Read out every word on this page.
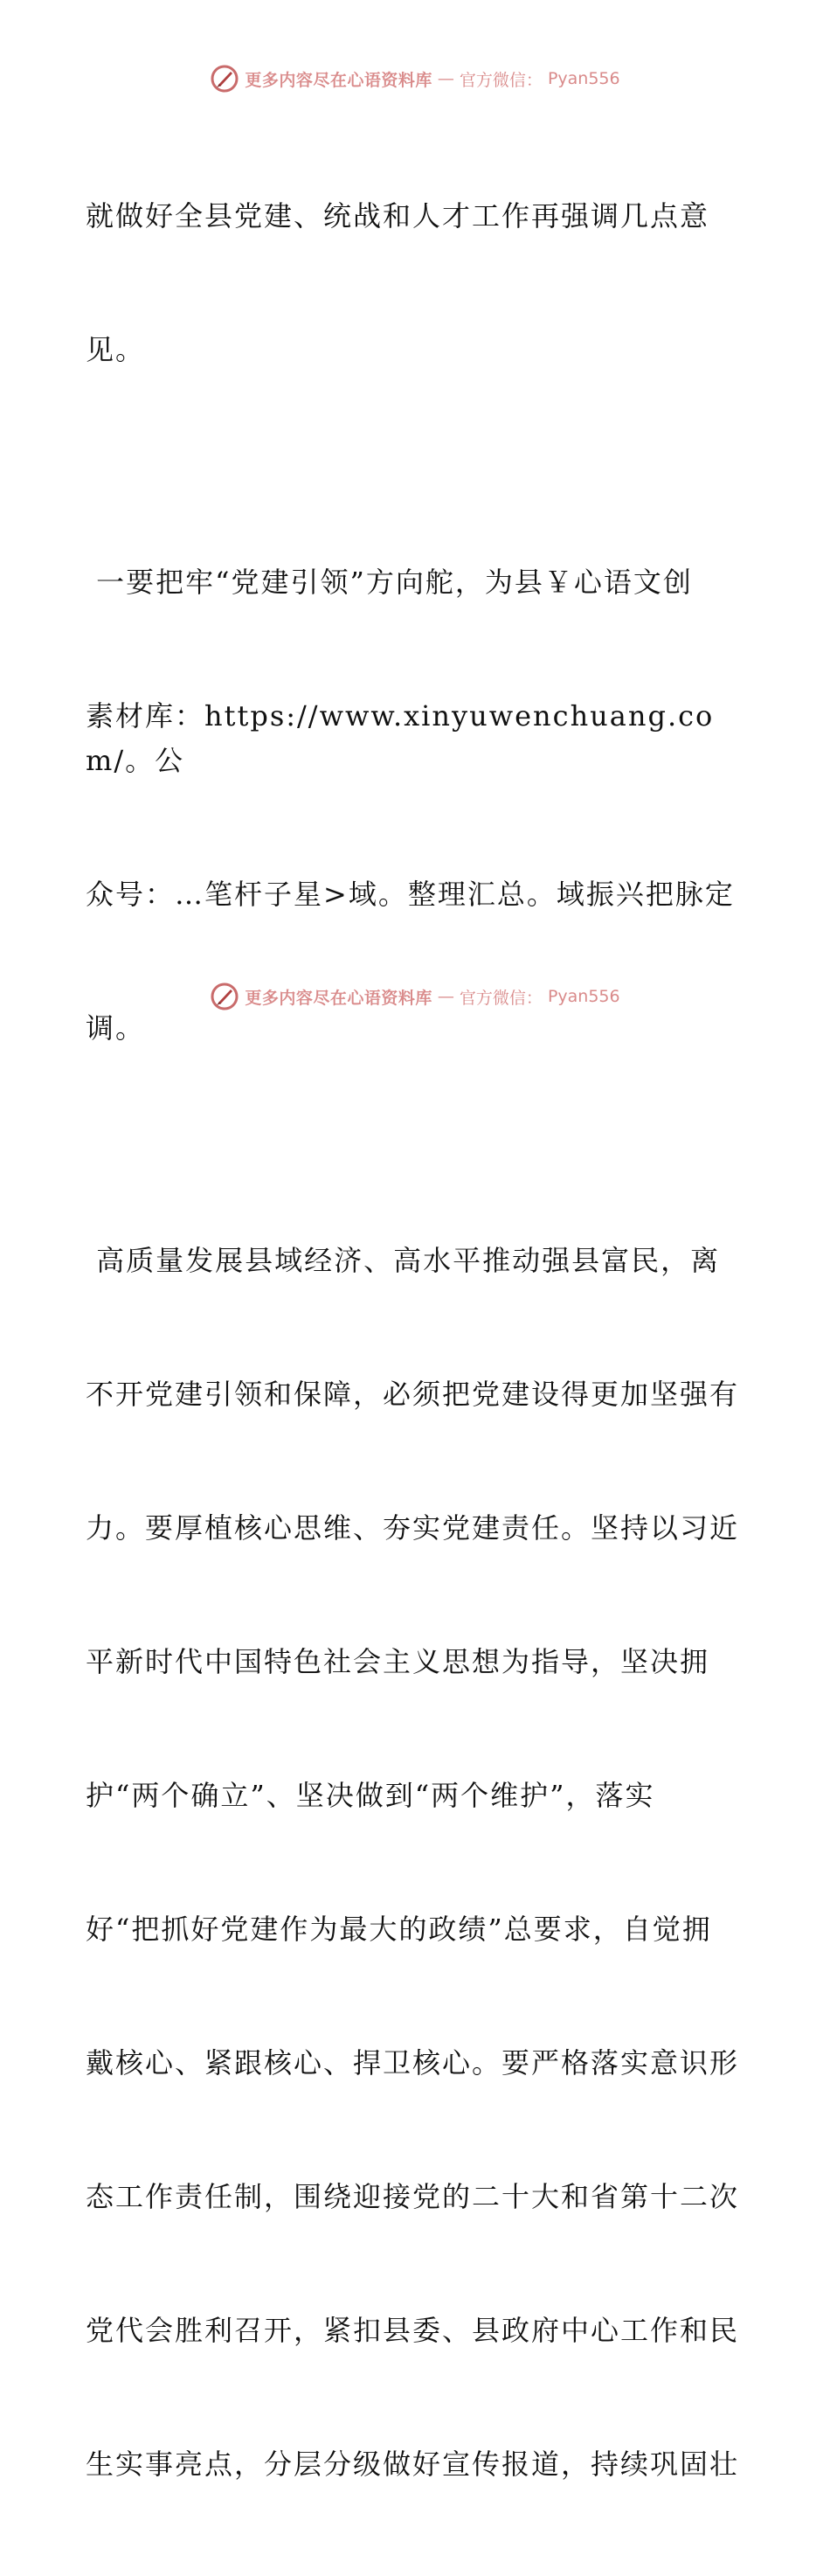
更多内容尽在心语资料库 — 官方微信： Pyan556

就做好全县党建、统战和人才工作再强调几点意

见。

一要把牢“党建引领”方向舵，为县￥心语文创

素材库：https://www.xinyuwenchuang.com/。公

众号：…笔杆子星>域。整理汇总。域振兴把脉定

调。

高质量发展县域经济、高水平推动强县富民，离

不开党建引领和保障，必须把党建设得更加坚强有

力。要厚植核心思维、夯实党建责任。坚持以习近

平新时代中国特色社会主义思想为指导，坚决拥

护“两个确立”、坚决做到“两个维护”，落实

好“把抓好党建作为最大的政绩”总要求，自觉拥

戴核心、紧跟核心、捍卫核心。要严格落实意识形

态工作责任制，围绕迎接党的二十大和省第十二次

党代会胜利召开，紧扣县委、县政府中心工作和民

生实事亮点，分层分级做好宣传报道，持续巩固壮

更多内容尽在心语资料库 — 官方微信： Pyan556
